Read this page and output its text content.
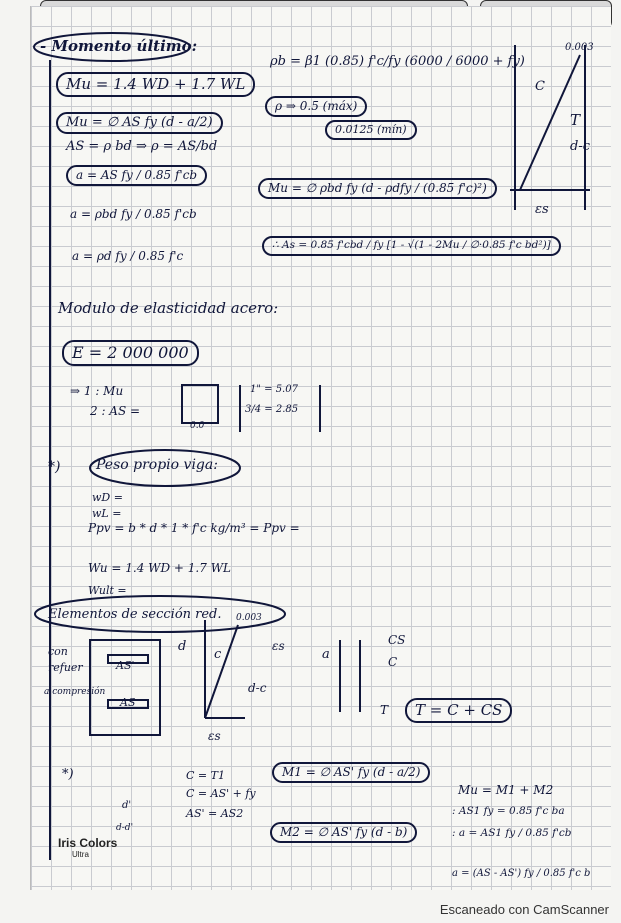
- Momento último:
Mu = 1.4 WD + 1.7 WL
Mu = ∅ AS fy (d - a/2)
AS = ρ bd ⇒ ρ = AS/bd
a = AS fy / 0.85 f'cb
a = ρbd fy / 0.85 f'cb
a = ρd fy / 0.85 f'c
ρb = β1 (0.85) f'c/fy (6000 / 6000 + fy)
ρ ⇒ 0.5 (máx)
0.0125 (mín)
Mu = ∅ ρbd fy (d - ρdfy / (0.85 f'c)²)
∴ As = 0.85 f'cbd / fy [1 - √(1 - 2Mu / ∅·0.85 f'c bd²)]
0.003
C
T
d-c
εs
Modulo de elasticidad acero:
E = 2 000 000
⇒ 1 : Mu
2 : AS =
0.0
1" = 5.07
3/4 = 2.85
Peso propio viga:
wD =
wL =
Ppv = b * d * 1 * f'c kg/m³ = Ppv =
Wu = 1.4 WD + 1.7 WL
Wult =
*)
Elementos de sección red. 0.003
con
refuer
a compresión
AS'
AS
d
c
d-c
εs
εs
a
CS
C
T	T = C + CS
*)	C = T1
C = AS' + fy
AS' = AS2
M1 = ∅ AS' fy (d - a/2)
M2 = ∅ AS' fy (d - b)
Mu = M1 + M2
: AS1 fy = 0.85 f'c ba
: a = AS1 fy / 0.85 f'cb
a = (AS - AS') fy / 0.85 f'c b
d'
d-d'
Iris Colors
Ultra
Escaneado con CamScanner
